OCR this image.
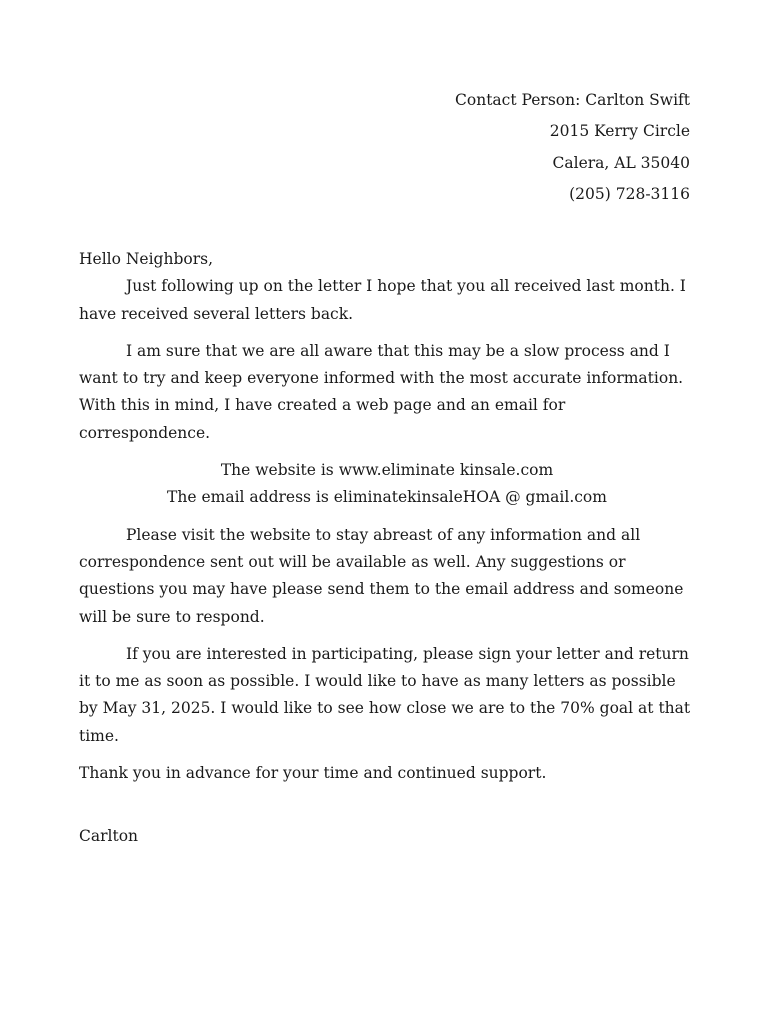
Contact Person: Carlton Swift
2015 Kerry Circle
Calera, AL 35040
(205) 728-3116

Hello Neighbors,

Just following up on the letter I hope that you all received last month. I have received several letters back.

I am sure that we are all aware that this may be a slow process and I want to try and keep everyone informed with the most accurate information. With this in mind, I have created a web page and an email for correspondence.

The website is www.eliminate kinsale.com

The email address is eliminatekinsaleHOA @ gmail.com

Please visit the website to stay abreast of any information and all correspondence sent out will be available as well. Any suggestions or questions you may have please send them to the email address and someone will be sure to respond.

If you are interested in participating, please sign your letter and return it to me as soon as possible. I would like to have as many letters as possible by May 31, 2025. I would like to see how close we are to the 70% goal at that time.

Thank you in advance for your time and continued support.

Carlton
